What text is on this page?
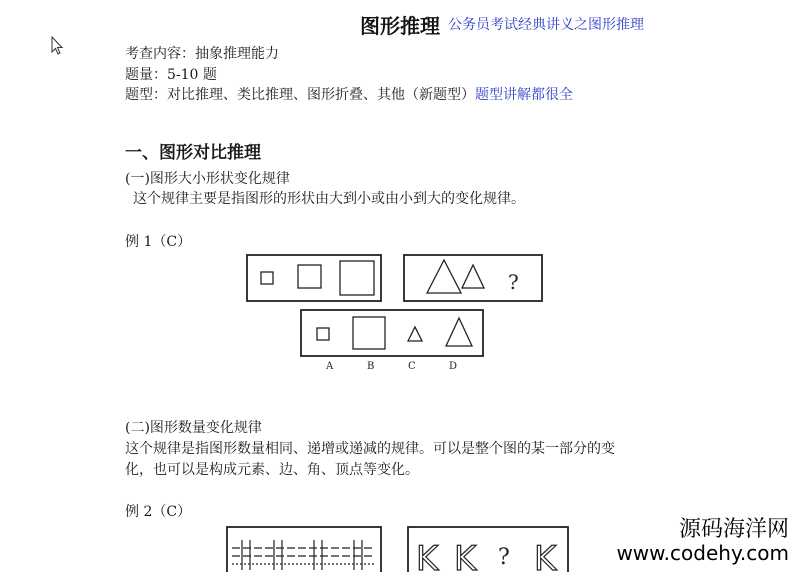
图形推理 公务员考试经典讲义之图形推理
考查内容：抽象推理能力
题量：5-10 题
题型：对比推理、类比推理、图形折叠、其他（新题型）题型讲解都很全
一、图形对比推理
(一)图形大小形状变化规律
这个规律主要是指图形的形状由大到小或由小到大的变化规律。
例 1（C）
?
A	B	C	D
(二)图形数量变化规律
这个规律是指图形数量相同、递增或递减的规律。可以是整个图的某一部分的变
化，也可以是构成元素、边、角、顶点等变化。
例 2（C）
K K ? K
源码海洋网
www.codehy.com
